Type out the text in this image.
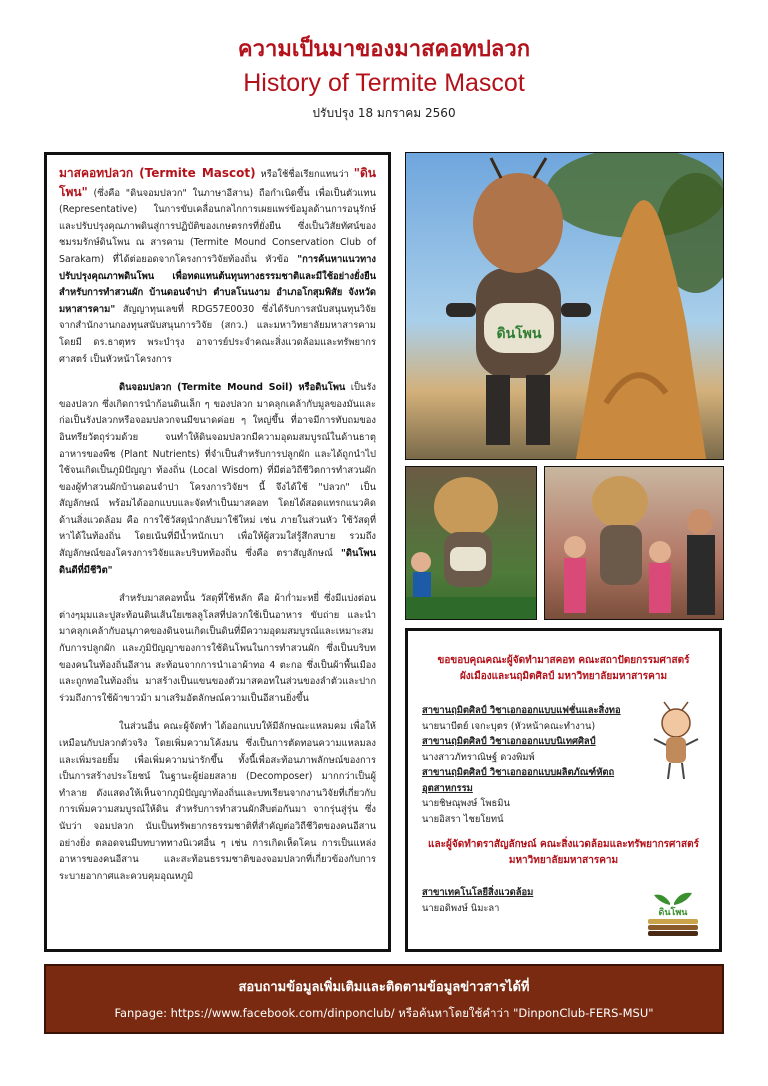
ความเป็นมาของมาสคอทปลวก
History of Termite Mascot
ปรับปรุง 18 มกราคม 2560

มาสคอทปลวก (Termite Mascot) หรือใช้ชื่อเรียกแทนว่า "ดินโพน" (ซึ่งคือ "ดินจอมปลวก" ในภาษาอีสาน) ถือกำเนิดขึ้น เพื่อเป็นตัวแทน (Representative) ในการขับเคลื่อนกลไกการเผยแพร่ข้อมูลด้านการอนุรักษ์และปรับปรุงคุณภาพดินสู่การปฏิบัติของเกษตรกรที่ยั่งยืน ซึ่งเป็นวิสัยทัศน์ของชมรมรักษ์ดินโพน ณ สารคาม (Termite Mound Conservation Club of Sarakam) ที่ได้ต่อยอดจากโครงการวิจัยท้องถิ่น หัวข้อ "การค้นหาแนวทางปรับปรุงคุณภาพดินโพน เพื่อทดแทนต้นทุนทางธรรมชาติและมีใช้อย่างยั่งยืน สำหรับการทำสวนผัก บ้านดอนจำปา ตำบลโนนงาม อำเภอโกสุมพิสัย จังหวัดมหาสารคาม" สัญญาทุนเลขที่ RDG57E0030 ซึ่งได้รับการสนับสนุนทุนวิจัยจากสำนักงานกองทุนสนับสนุนการวิจัย (สกว.) และมหาวิทยาลัยมหาสารคาม โดยมี ดร.ธาตุทร พระบำรุง อาจารย์ประจำคณะสิ่งแวดล้อมและทรัพยากรศาสตร์ เป็นหัวหน้าโครงการ

ดินจอมปลวก (Termite Mound Soil) หรือดินโพน เป็นรังของปลวก ซึ่งเกิดการนำก้อนดินเล็ก ๆ ของปลวก มาคลุกเคล้ากับมูลของมันและก่อเป็นรังปลวกหรือจอมปลวกจนมีขนาดค่อย ๆ ใหญ่ขึ้น ที่อาจมีการทับถมของอินทรียวัตถุร่วมด้วย จนทำให้ดินจอมปลวกมีความอุดมสมบูรณ์ในด้านธาตุอาหารของพืช (Plant Nutrients) ที่จำเป็นสำหรับการปลูกผัก และได้ถูกนำไปใช้จนเกิดเป็นภูมิปัญญา ท้องถิ่น (Local Wisdom) ที่มีต่อวิถีชีวิตการทำสวนผักของผู้ทำสวนผักบ้านดอนจำปา โครงการวิจัยฯ นี้ จึงได้ใช้ "ปลวก" เป็นสัญลักษณ์ พร้อมได้ออกแบบและจัดทำเป็นมาสคอท โดยได้สอดแทรกแนวคิดด้านสิ่งแวดล้อม คือ การใช้วัสดุนำกลับมาใช้ใหม่ เช่น ภายในส่วนหัว ใช้วัสดุที่หาได้ในท้องถิ่น โดยเน้นที่มีน้ำหนักเบา เพื่อให้ผู้สวมใส่รู้สึกสบาย รวมถึงสัญลักษณ์ของโครงการวิจัยและบริบทท้องถิ่น ซึ่งคือ ตราสัญลักษณ์ "ดินโพน ดินดีที่มีชีวิต"

สำหรับมาสคอทนั้น วัสดุที่ใช้หลัก คือ ผ้าก่ำมะหยี่ ซึ่งมีแบ่งต่อนต่างๆมุมและปูสะท้อนดินเส้นใยเซลลูโลสที่ปลวกใช้เป็นอาหาร ขับถ่าย และนำมาคลุกเคล้ากับอนุภาคของดินจนเกิดเป็นดินที่มีความอุดมสมบูรณ์และเหมาะสมกับการปลูกผัก และภูมิปัญญาของการใช้ดินโพนในการทำสวนผัก ซึ่งเป็นบริบทของคนในท้องถิ่นอีสาน สะท้อนจากการนำเอาผ้าทอ 4 ตะกอ ซึ่งเป็นผ้าพื้นเมืองและถูกทอในท้องถิ่น มาสร้างเป็นแขนของตัวมาสคอทในส่วนของลำตัวและปาก ร่วมถึงการใช้ผ้าขาวม้า มาเสริมอัตลักษณ์ความเป็นอีสานยิ่งขึ้น

ในส่วนอื่น คณะผู้จัดทำ ได้ออกแบบให้มีลักษณะแหลมคม เพื่อให้เหมือนกับปลวกตัวจริง โดยเพิ่มความโค้งมน ซึ่งเป็นการตัดทอนความแหลมลงและเพิ่มรอยยิ้ม เพื่อเพิ่มความน่ารักขึ้น ทั้งนี้เพื่อสะท้อนภาพลักษณ์ของการเป็นการสร้างประโยชน์ ในฐานะผู้ย่อยสลาย (Decomposer) มากกว่าเป็นผู้ทำลาย ดังแสดงให้เห็นจากภูมิปัญญาท้องถิ่นและบทเรียนจากงานวิจัยที่เกี่ยวกับการเพิ่มความสมบูรณ์ให้ดิน สำหรับการทำสวนผักสืบต่อกันมา จากรุ่นสู่รุ่น ซึ่งนับว่า จอมปลวก นับเป็นทรัพยากรธรรมชาติที่สำคัญต่อวิถีชีวิตของคนอีสานอย่างยิ่ง ตลอดจนมีบทบาททางนิเวศอื่น ๆ เช่น การเกิดเห็ดโคน การเป็นแหล่งอาหารของคนอีสาน และสะท้อนธรรมชาติของจอมปลวกที่เกี่ยวข้องกับการระบายอากาศและควบคุมอุณหภูมิ

ดินโพน
ขอขอบคุณคณะผู้จัดทำมาสคอท คณะสถาปัตยกรรมศาสตร์ ผังเมืองและนฤมิตศิลป์ มหาวิทยาลัยมหาสารคาม
สาขานฤมิตศิลป์ วิชาเอกออกแบบแฟชั่นและสิ่งทอ
นายนาบีตย์ เจกะบุตร (หัวหน้าคณะทำงาน)
สาขานฤมิตศิลป์ วิชาเอกออกแบบนิเทศศิลป์
นางสาวภัทราณิษฐ์ ดวงพิมพ์
สาขานฤมิตศิลป์ วิชาเอกออกแบบผลิตภัณฑ์หัตถอุตสาหกรรม
นายชิษณุพงษ์ โพธมิน
นายอิสรา ไชยโยทน์
และผู้จัดทำตราสัญลักษณ์ คณะสิ่งแวดล้อมและทรัพยากรศาสตร์ มหาวิทยาลัยมหาสารคาม
สาขาเทคโนโลยีสิ่งแวดล้อม
นายอดิพงษ์ นิมะลา	ดินโพน
สอบถามข้อมูลเพิ่มเติมและติดตามข้อมูลข่าวสารได้ที่
Fanpage: https://www.facebook.com/dinponclub/ หรือค้นหาโดยใช้คำว่า "DinponClub-FERS-MSU"
